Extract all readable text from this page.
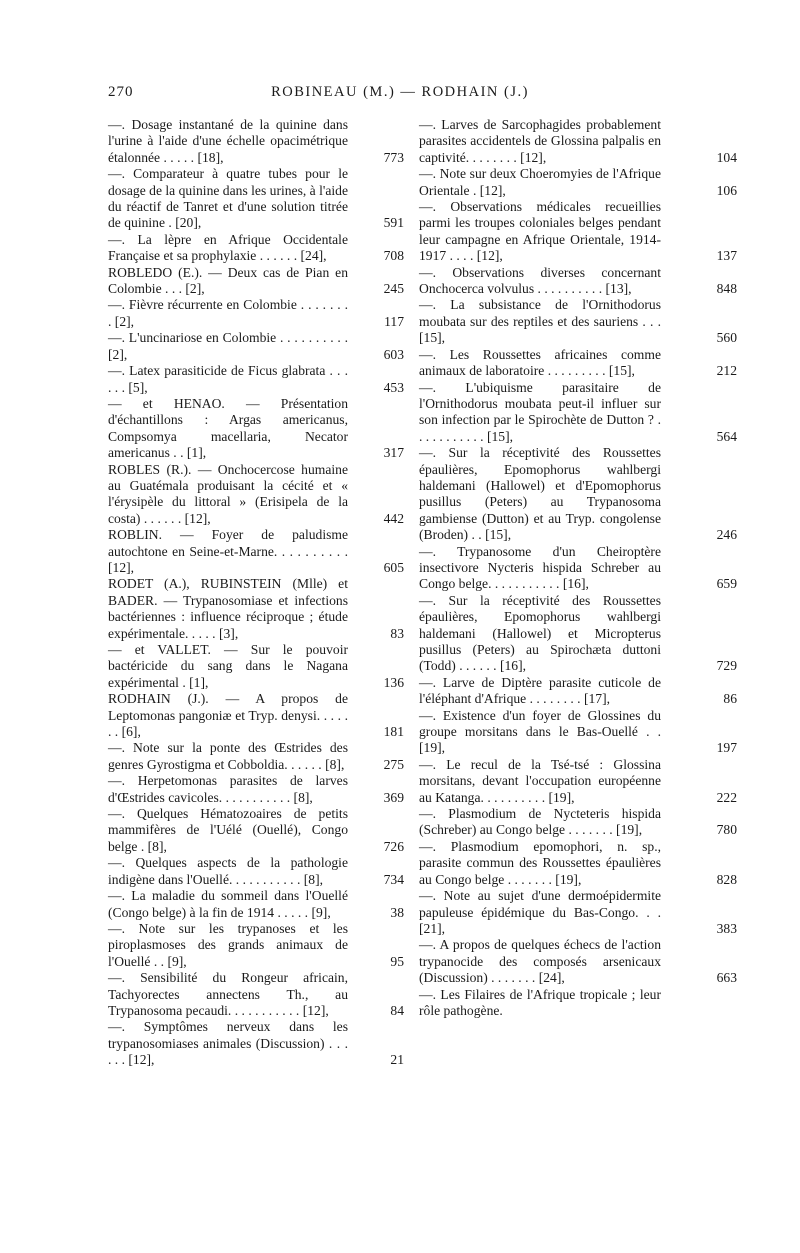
270	ROBINEAU (M.) — RODHAIN (J.)
—. Dosage instantané de la quinine dans l'urine à l'aide d'une échelle opacimétrique étalonnée . . . . . [18],	773
—. Comparateur à quatre tubes pour le dosage de la quinine dans les urines, à l'aide du réactif de Tanret et d'une solution titrée de quinine . [20],	591
—. La lèpre en Afrique Occidentale Française et sa prophylaxie . . . . . . [24],	708
ROBLEDO (E.). — Deux cas de Pian en Colombie . . . [2],	245
—. Fièvre récurrente en Colombie . . . . . . . . [2],	117
—. L'uncinariose en Colombie . . . . . . . . . . [2],	603
—. Latex parasiticide de Ficus glabrata . . . . . . [5],	453
— et HENAO. — Présentation d'échantillons : Argas americanus, Compsomya macellaria, Necator americanus . . [1],	317
ROBLES (R.). — Onchocercose humaine au Guatémala produisant la cécité et « l'érysipèle du littoral » (Erisipela de la costa) . . . . . . [12],	442
ROBLIN. — Foyer de paludisme autochtone en Seine-et-Marne. . . . . . . . . . [12],	605
RODET (A.), RUBINSTEIN (Mlle) et BADER. — Trypanosomiase et infections bactériennes : influence réciproque ; étude expérimentale. . . . . [3],	83
— et VALLET. — Sur le pouvoir bactéricide du sang dans le Nagana expérimental . [1],	136
RODHAIN (J.). — A propos de Leptomonas pangoniæ et Tryp. denysi. . . . . . . [6],	181
—. Note sur la ponte des Œstrides des genres Gyrostigma et Cobboldia. . . . . . [8],	275
—. Herpetomonas parasites de larves d'Œstrides cavicoles. . . . . . . . . . . [8],	369
—. Quelques Hématozoaires de petits mammifères de l'Uélé (Ouellé), Congo belge . [8],	726
—. Quelques aspects de la pathologie indigène dans l'Ouellé. . . . . . . . . . . [8],	734
—. La maladie du sommeil dans l'Ouellé (Congo belge) à la fin de 1914 . . . . . [9],	38
—. Note sur les trypanoses et les piroplasmoses des grands animaux de l'Ouellé . . [9],	95
—. Sensibilité du Rongeur africain, Tachyorectes annectens Th., au Trypanosoma pecaudi. . . . . . . . . . . [12],	84
—. Symptômes nerveux dans les trypanosomiases animales (Discussion) . . . . . . [12],	21
—. Larves de Sarcophagides probablement parasites accidentels de Glossina palpalis en captivité. . . . . . . . [12],	104
—. Note sur deux Choeromyies de l'Afrique Orientale . [12],	106
—. Observations médicales recueillies parmi les troupes coloniales belges pendant leur campagne en Afrique Orientale, 1914-1917 . . . . [12],	137
—. Observations diverses concernant Onchocerca volvulus . . . . . . . . . . [13],	848
—. La subsistance de l'Ornithodorus moubata sur des reptiles et des sauriens . . . [15],	560
—. Les Roussettes africaines comme animaux de laboratoire . . . . . . . . . [15],	212
—. L'ubiquisme parasitaire de l'Ornithodorus moubata peut-il influer sur son infection par le Spirochète de Dutton ? . . . . . . . . . . . [15],	564
—. Sur la réceptivité des Roussettes épaulières, Epomophorus wahlbergi haldemani (Hallowel) et d'Epomophorus pusillus (Peters) au Trypanosoma gambiense (Dutton) et au Tryp. congolense (Broden) . . [15],	246
—. Trypanosome d'un Cheiroptère insectivore Nycteris hispida Schreber au Congo belge. . . . . . . . . . . [16],	659
—. Sur la réceptivité des Roussettes épaulières, Epomophorus wahlbergi haldemani (Hallowel) et Micropterus pusillus (Peters) au Spirochæta duttoni (Todd) . . . . . . [16],	729
—. Larve de Diptère parasite cuticole de l'éléphant d'Afrique . . . . . . . . [17],	86
—. Existence d'un foyer de Glossines du groupe morsitans dans le Bas-Ouellé . . [19],	197
—. Le recul de la Tsé-tsé : Glossina morsitans, devant l'occupation européenne au Katanga. . . . . . . . . . [19],	222
—. Plasmodium de Nycteteris hispida (Schreber) au Congo belge . . . . . . . [19],	780
—. Plasmodium epomophori, n. sp., parasite commun des Roussettes épaulières au Congo belge . . . . . . . [19],	828
—. Note au sujet d'une dermoépidermite papuleuse épidémique du Bas-Congo. . . [21],	383
—. A propos de quelques échecs de l'action trypanocide des composés arsenicaux (Discussion) . . . . . . . [24],	663
—. Les Filaires de l'Afrique tropicale ; leur rôle pathogène.
